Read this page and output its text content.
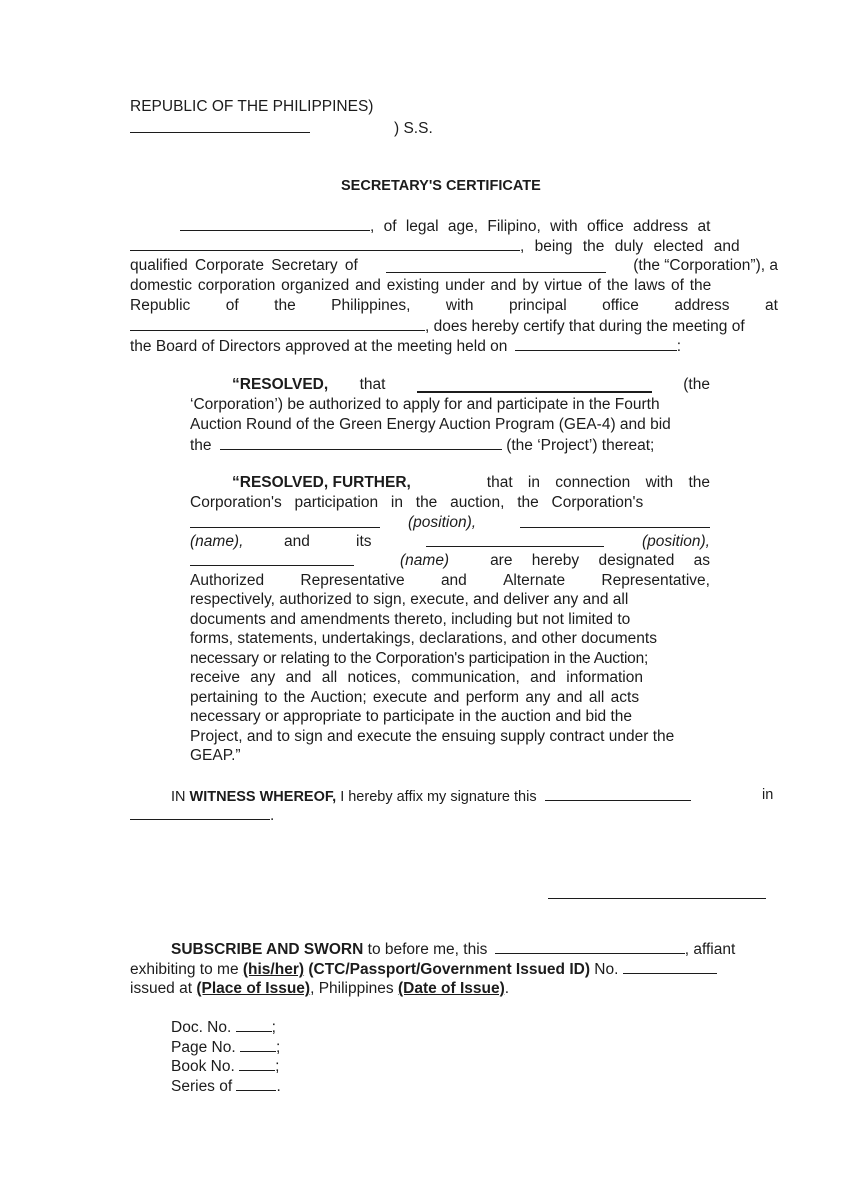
REPUBLIC OF THE PHILIPPINES)
) S.S.
SECRETARY'S CERTIFICATE
, of legal age, Filipino, with office address at
, being the duly elected and
qualified Corporate Secretary of	(the “Corporation”), a
domestic corporation organized and existing under and by virtue of the laws of the
Republic of the Philippines, with principal office address at
, does hereby certify that during the meeting of
the Board of Directors approved at the meeting held on	:
“RESOLVED, that	(the
‘Corporation’) be authorized to apply for and participate in the Fourth
Auction Round of the Green Energy Auction Program (GEA-4) and bid
the	(the ‘Project’) thereat;
“RESOLVED, FURTHER,	that in connection with the
Corporation's participation in the auction, the Corporation's
(position),
(name),	and	its	(position),
(name)	are hereby designated as
Authorized Representative and Alternate Representative,
respectively, authorized to sign, execute, and deliver any and all
documents and amendments thereto, including but not limited to
forms, statements, undertakings, declarations, and other documents
necessary or relating to the Corporation's participation in the Auction;
receive any and all notices, communication, and information
pertaining to the Auction; execute and perform any and all acts
necessary or appropriate to participate in the auction and bid the
Project, and to sign and execute the ensuing supply contract under the
GEAP.”
IN WITNESS WHEREOF, I hereby affix my signature this	in
.
SUBSCRIBE AND SWORN to before me, this	, affiant
exhibiting to me (his/her) (CTC/Passport/Government Issued ID) No.
issued at (Place of Issue), Philippines (Date of Issue).
Doc. No.	;
Page No.	;
Book No.	;
Series of	.
